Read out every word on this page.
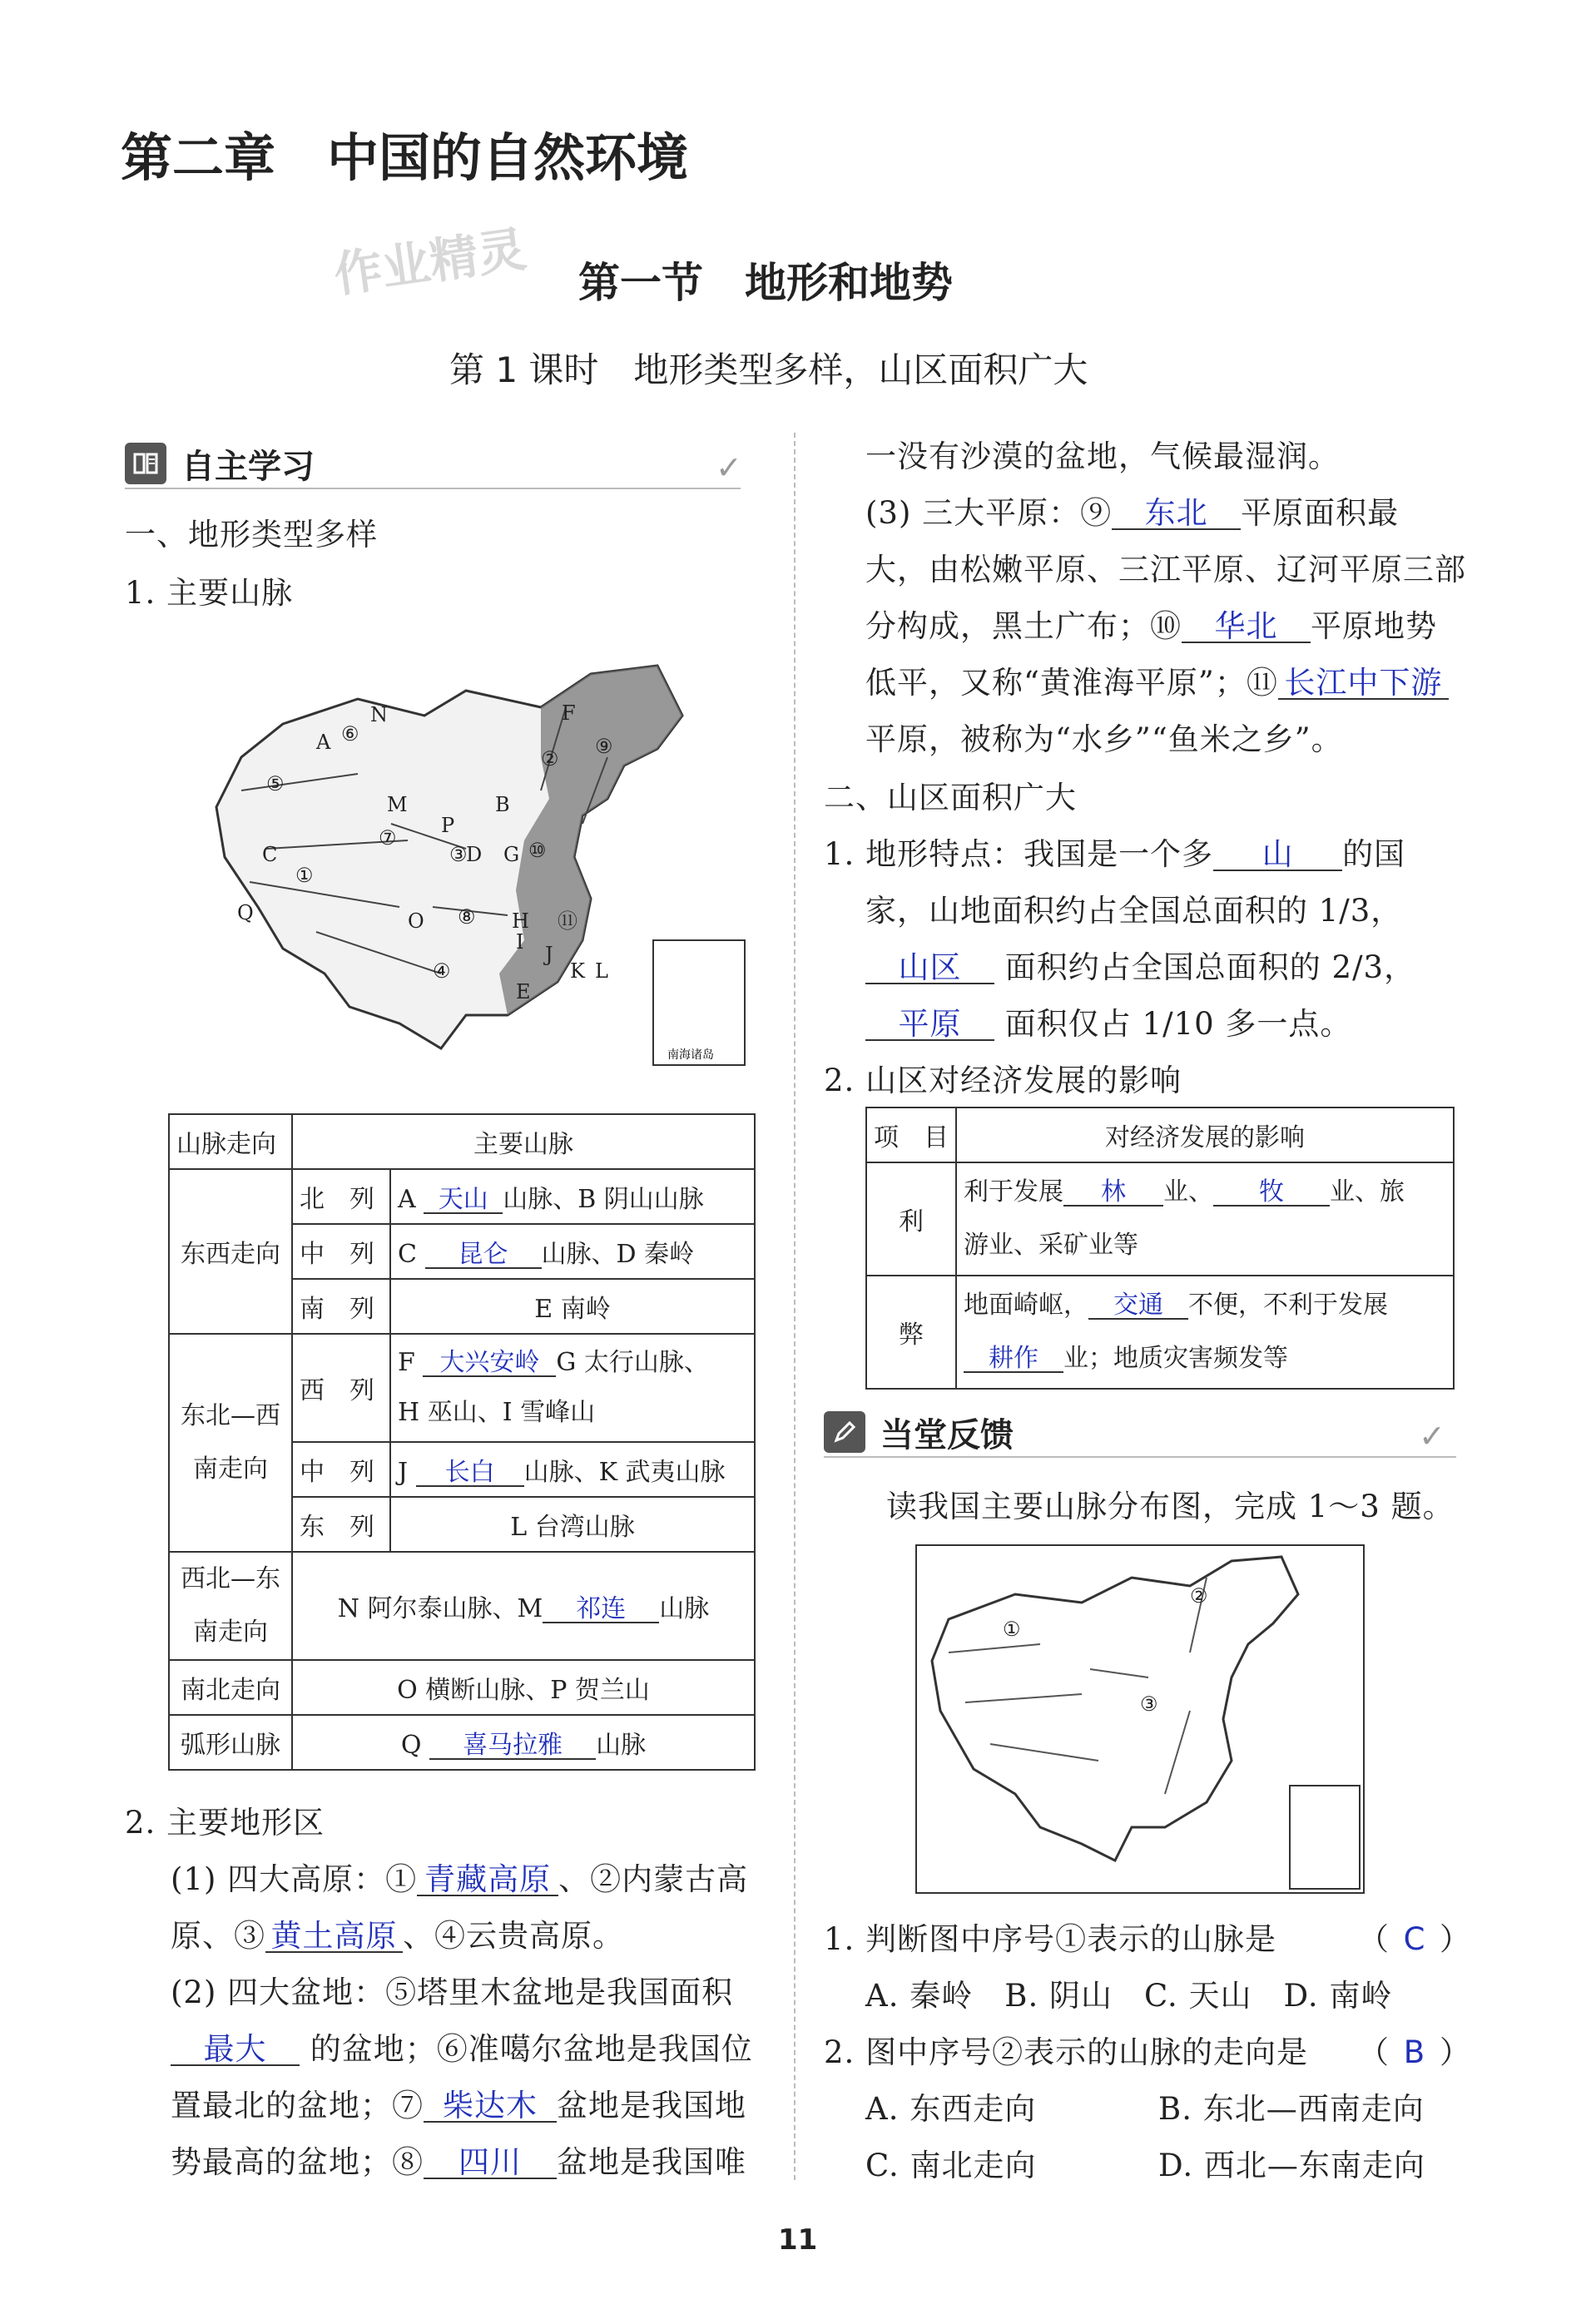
第二章　中国的自然环境
作业精灵 第一节　地形和地势
第 1 课时　地形类型多样，山区面积广大
自主学习	✓
一、地形类型多样
1. 主要山脉
南海诸岛
N
A ⑥
F
⑤
②
⑨
M	B
P
⑦
C	D G
③	⑩
①
Q	O ⑧ H ⑪
I
④
J
K L
E
山脉走向	主要山脉	
东西走向	北　列	A 天山 山脉、B 阴山山脉
	中　列	C 昆仑 山脉、D 秦岭
	南　列	E 南岭
东北—西南走向	西　列	F 大兴安岭 G 太行山脉、
H 巫山、I 雪峰山
	中　列	J 长白 山脉、K 武夷山脉
	东　列	L 台湾山脉
西北—东南走向	N 阿尔泰山脉、M 祁连 山脉	
南北走向	O 横断山脉、P 贺兰山	
弧形山脉	Q 喜马拉雅 山脉	
2. 主要地形区
(1) 四大高原：① 青藏高原 、②内蒙古高
原、③ 黄土高原 、④云贵高原。
(2) 四大盆地：⑤塔里木盆地是我国面积
最大 的盆地；⑥准噶尔盆地是我国位
置最北的盆地；⑦ 柴达木 盆地是我国地
势最高的盆地；⑧ 四川 盆地是我国唯
一没有沙漠的盆地，气候最湿润。
(3) 三大平原：⑨ 东北 平原面积最
大，由松嫩平原、三江平原、辽河平原三部
分构成，黑土广布；⑩ 华北 平原地势
低平，又称“黄淮海平原”；⑪ 长江中下游
平原，被称为“水乡”“鱼米之乡”。
二、山区面积广大
1. 地形特点：我国是一个多 山 的国
家，山地面积约占全国总面积的 1/3，
山区 面积约占全国总面积的 2/3，
平原 面积仅占 1/10 多一点。
2. 山区对经济发展的影响
项　目	对经济发展的影响
利	利于发展 林 业、 牧 业、旅
游业、采矿业等
弊	地面崎岖， 交通 不便，不利于发展
耕作 业；地质灾害频发等
当堂反馈	✓
读我国主要山脉分布图，完成 1～3 题。
①
②
③
1. 判断图中序号①表示的山脉是	（ C ）
A. 秦岭　 B. 阴山　 C. 天山　 D. 南岭
2. 图中序号②表示的山脉的走向是 （ B ）
A. 东西走向	B. 东北—西南走向
C. 南北走向	D. 西北—东南走向
11
